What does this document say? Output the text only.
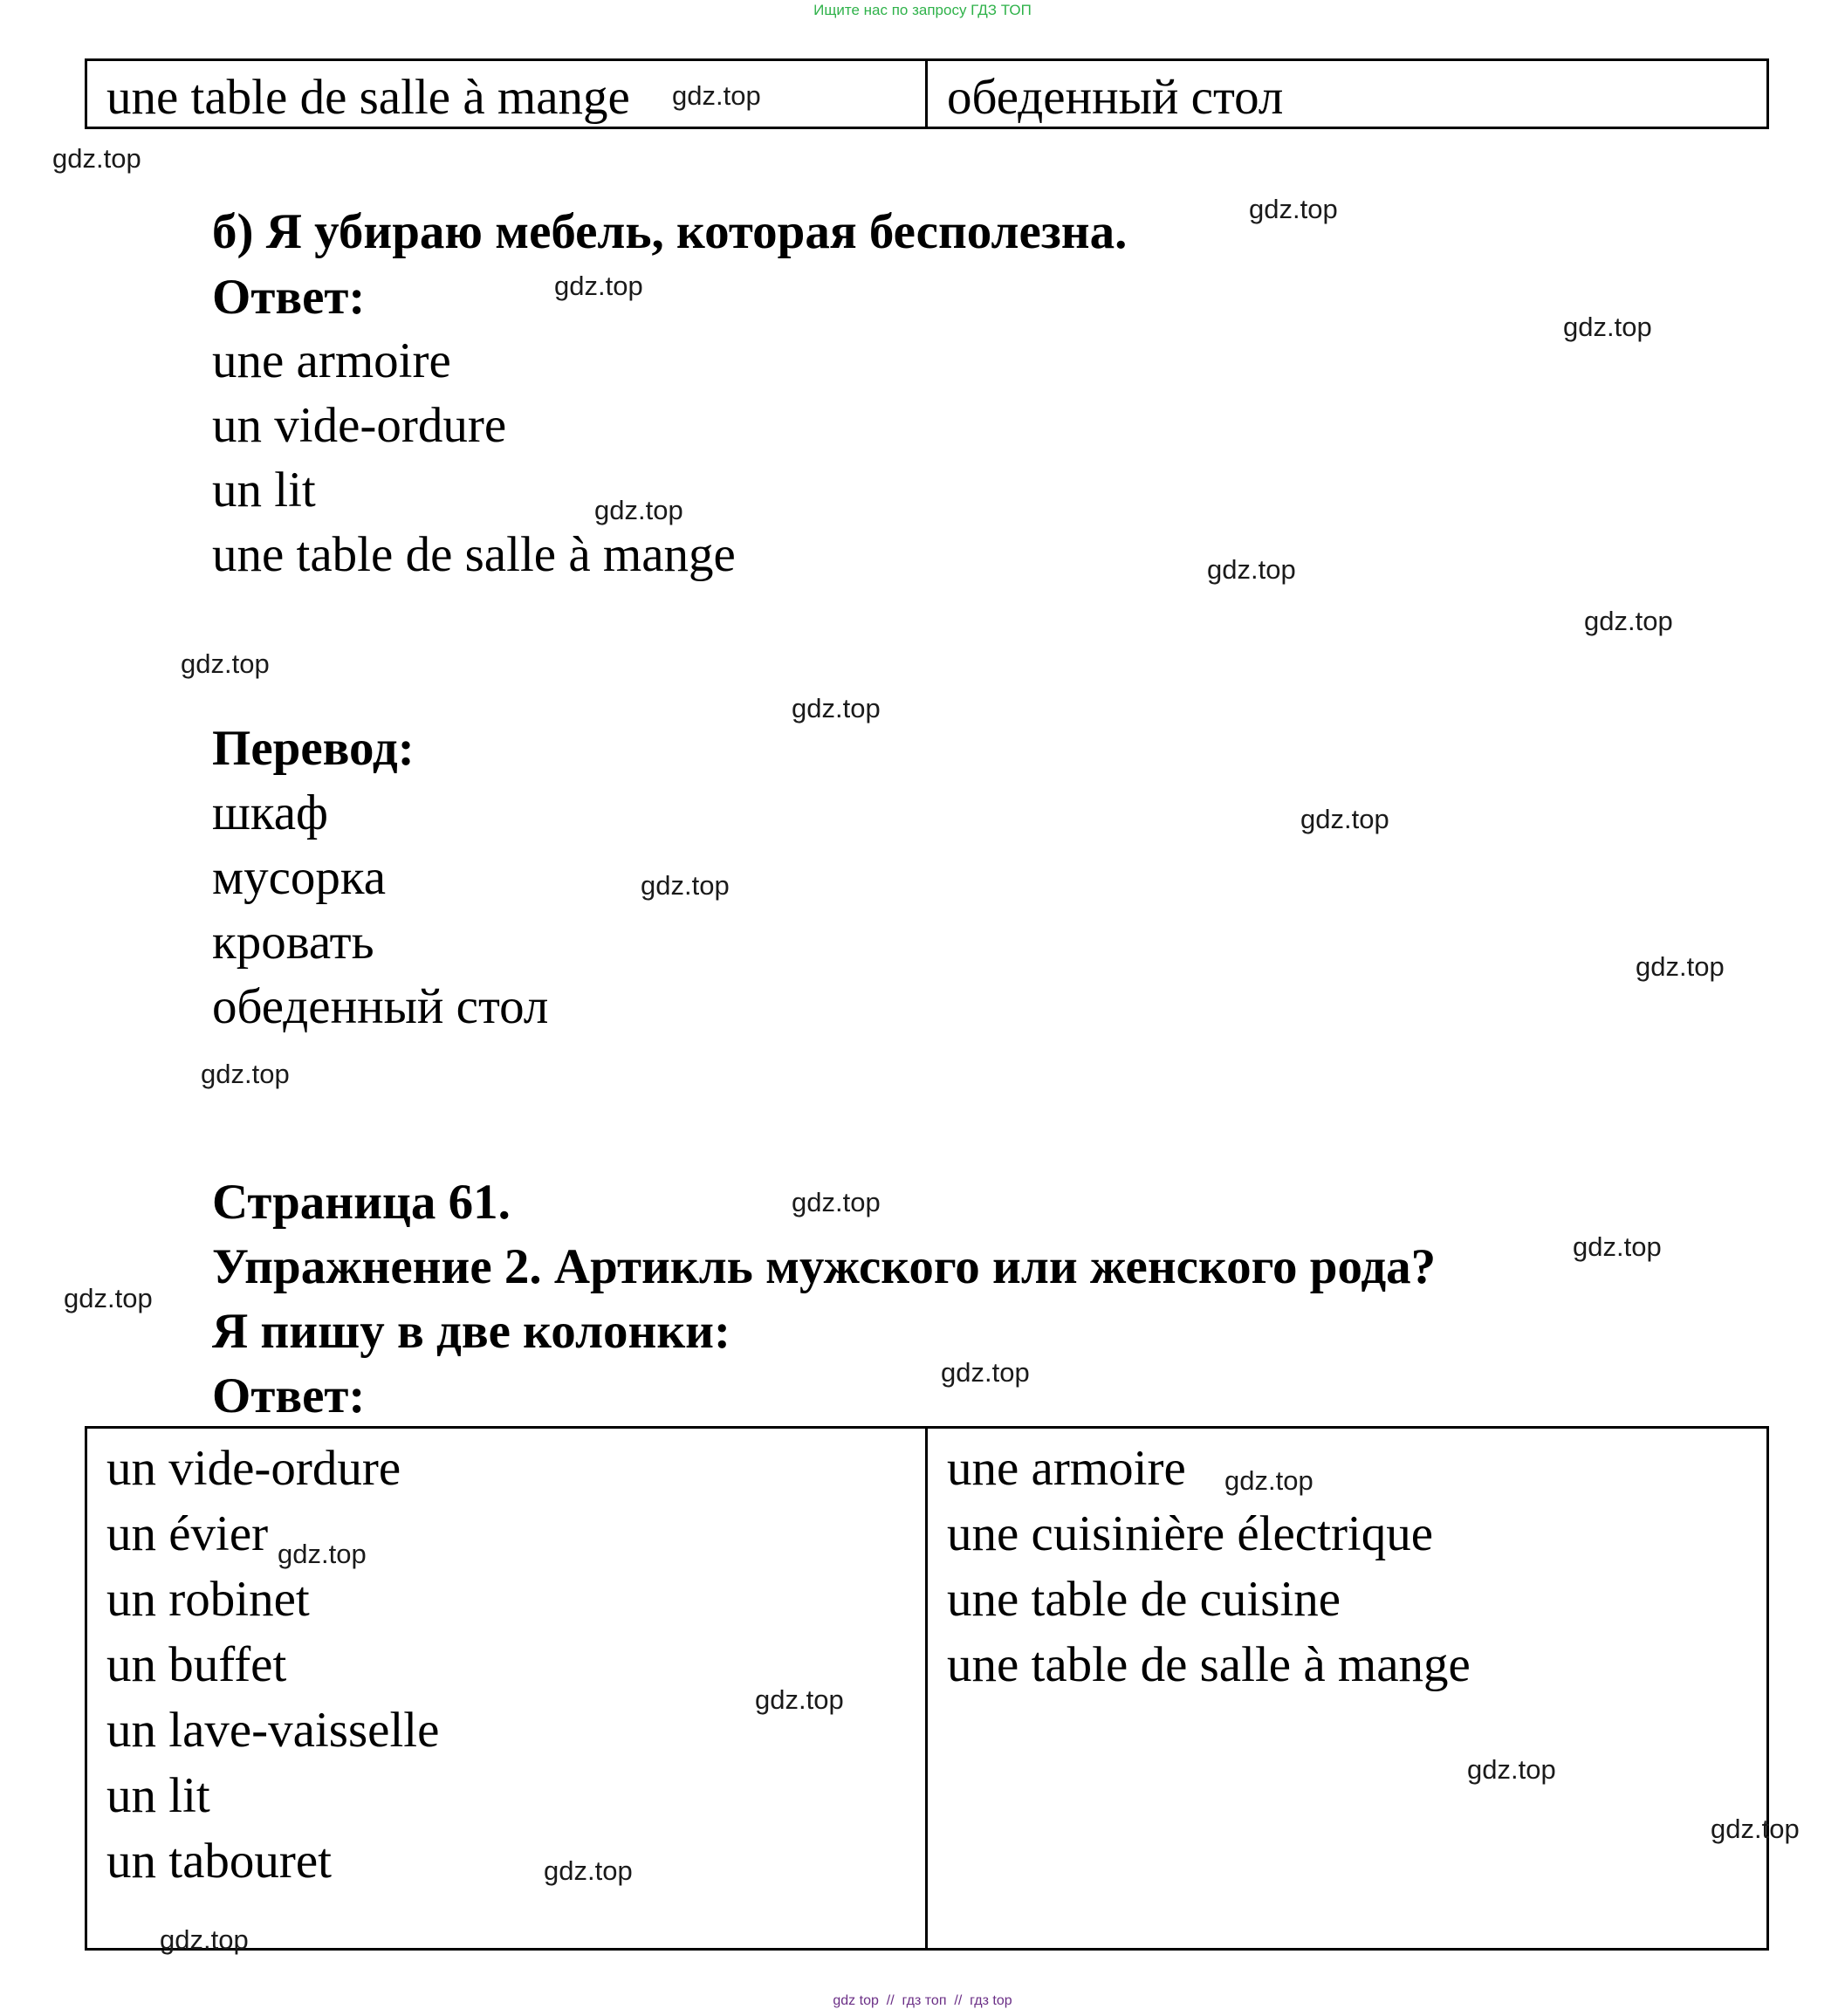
Ищите нас по запросу ГДЗ ТОП
une table de salle à mange	обеденный стол
б) Я убираю мебель, которая бесполезна.
Ответ:
une armoire
un vide-ordure
un lit
une table de salle à mange
Перевод:
шкаф
мусорка
кровать
обеденный стол
Страница 61.
Упражнение 2. Артикль мужского или женского рода?
Я пишу в две колонки:
Ответ:
un vide-ordure
un évier
un robinet
un buffet
un lave-vaisselle
un lit
un tabouret

une armoire
une cuisinière électrique
une table de cuisine
une table de salle à mange
gdz.top
gdz.top
gdz.top
gdz.top
gdz.top
gdz.top
gdz.top
gdz.top
gdz.top
gdz.top
gdz.top
gdz.top
gdz.top
gdz.top
gdz.top
gdz.top
gdz.top
gdz.top
gdz.top
gdz.top
gdz.top
gdz.top
gdz.top
gdz.top
gdz.top
gdz top  //  гдз топ  //  гдз top
